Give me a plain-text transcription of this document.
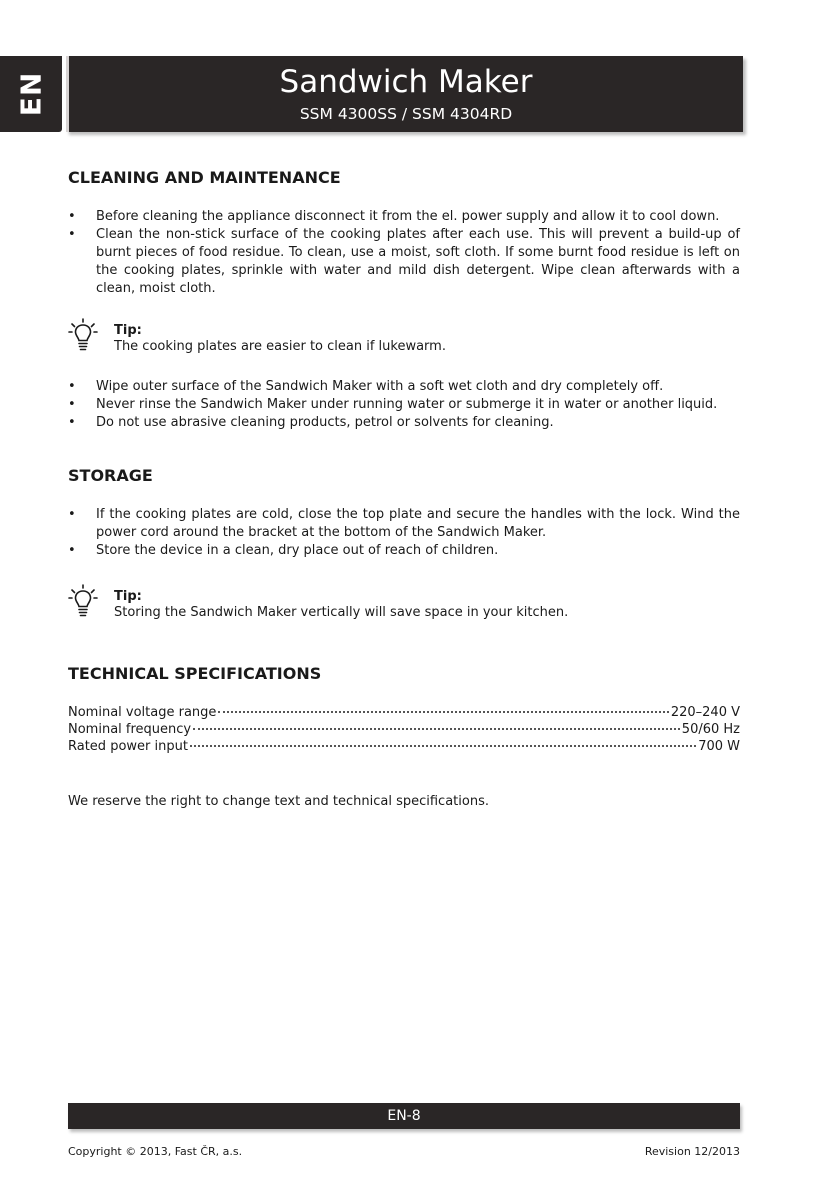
EN	Sandwich Maker
SSM 4300SS / SSM 4304RD
CLEANING AND MAINTENANCE
• Before cleaning the appliance disconnect it from the el. power supply and allow it to cool down.
• Clean the non-stick surface of the cooking plates after each use. This will prevent a build-up of burnt pieces of food residue. To clean, use a moist, soft cloth. If some burnt food residue is left on the cooking plates, sprinkle with water and mild dish detergent. Wipe clean afterwards with a clean, moist cloth.
Tip:
The cooking plates are easier to clean if lukewarm.
• Wipe outer surface of the Sandwich Maker with a soft wet cloth and dry completely off.
• Never rinse the Sandwich Maker under running water or submerge it in water or another liquid.
• Do not use abrasive cleaning products, petrol or solvents for cleaning.
STORAGE
• If the cooking plates are cold, close the top plate and secure the handles with the lock. Wind the power cord around the bracket at the bottom of the Sandwich Maker.
• Store the device in a clean, dry place out of reach of children.
Tip:
Storing the Sandwich Maker vertically will save space in your kitchen.
TECHNICAL SPECIFICATIONS
Nominal voltage range	220–240 V
Nominal frequency	50/60 Hz
Rated power input	700 W
We reserve the right to change text and technical specifications.
EN-8
Copyright © 2013, Fast ČR, a.s.	Revision 12/2013
